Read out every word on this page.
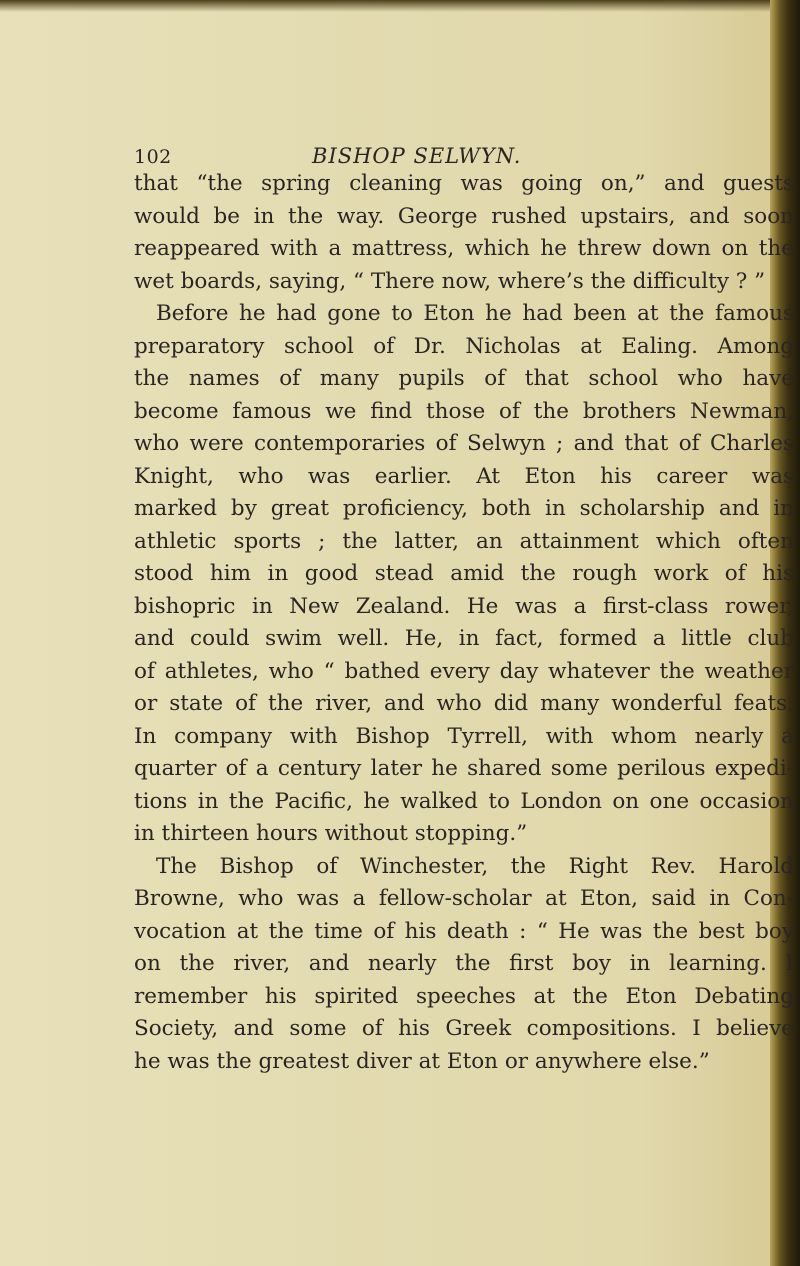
102	BISHOP SELWYN.
that “the spring cleaning was going on,” and guests
would be in the way. George rushed upstairs, and soon
reappeared with a mattress, which he threw down on the
wet boards, saying, “ There now, where’s the difficulty ? ”
Before he had gone to Eton he had been at the famous
preparatory school of Dr. Nicholas at Ealing. Among
the names of many pupils of that school who have
become famous we find those of the brothers Newman,
who were contemporaries of Selwyn ; and that of Charles
Knight, who was earlier. At Eton his career was
marked by great proficiency, both in scholarship and in
athletic sports ; the latter, an attainment which often
stood him in good stead amid the rough work of his
bishopric in New Zealand. He was a first-class rower,
and could swim well. He, in fact, formed a little club
of athletes, who “ bathed every day whatever the weather
or state of the river, and who did many wonderful feats.
In company with Bishop Tyrrell, with whom nearly a
quarter of a century later he shared some perilous expedi-
tions in the Pacific, he walked to London on one occasion
in thirteen hours without stopping.”
The Bishop of Winchester, the Right Rev. Harold
Browne, who was a fellow-scholar at Eton, said in Con-
vocation at the time of his death : “ He was the best boy
on the river, and nearly the first boy in learning. I
remember his spirited speeches at the Eton Debating
Society, and some of his Greek compositions. I believe
he was the greatest diver at Eton or anywhere else.”
